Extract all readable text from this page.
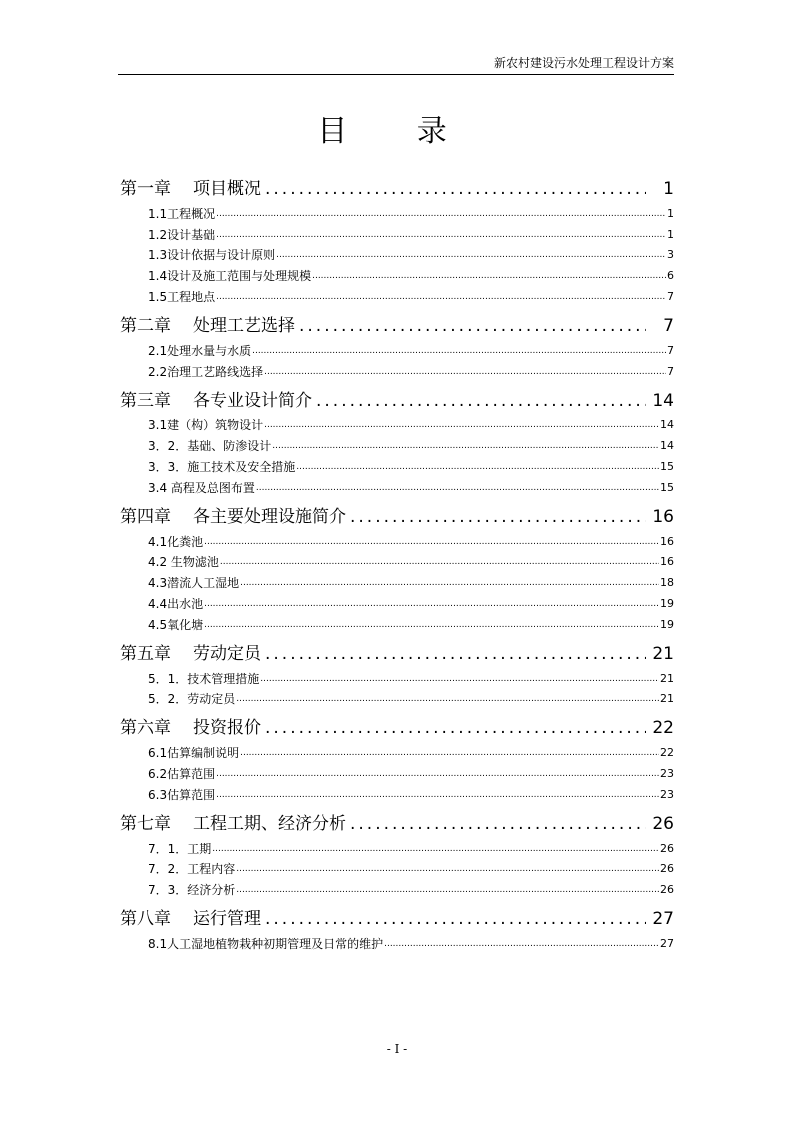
新农村建设污水处理工程设计方案
目 录
第一章 项目概况 .....	1
1.1工程概况 .....	1
1.2设计基础 .....	1
1.3设计依据与设计原则 .....	3
1.4设计及施工范围与处理规模 .....	6
1.5工程地点 .....	7
第二章 处理工艺选择 .....	7
2.1处理水量与水质 .....	7
2.2治理工艺路线选择 .....	7
第三章 各专业设计简介 .....	14
3.1建（构）筑物设计 .....	14
3．2．基础、防渗设计 .....	14
3．3．施工技术及安全措施 .....	15
3.4 高程及总图布置 .....	15
第四章 各主要处理设施简介 .....	16
4.1化粪池 .....	16
4.2 生物滤池 .....	16
4.3潜流人工湿地 .....	18
4.4出水池 .....	19
4.5氧化塘 .....	19
第五章 劳动定员 .....	21
5．1．技术管理措施 .....	21
5．2．劳动定员 .....	21
第六章 投资报价 .....	22
6.1估算编制说明 .....	22
6.2估算范围 .....	23
6.3估算范围 .....	23
第七章 工程工期、经济分析 .....	26
7．1．工期 .....	26
7．2．工程内容 .....	26
7．3．经济分析 .....	26
第八章 运行管理 .....	27
8.1人工湿地植物栽种初期管理及日常的维护 .....	27
- I -
